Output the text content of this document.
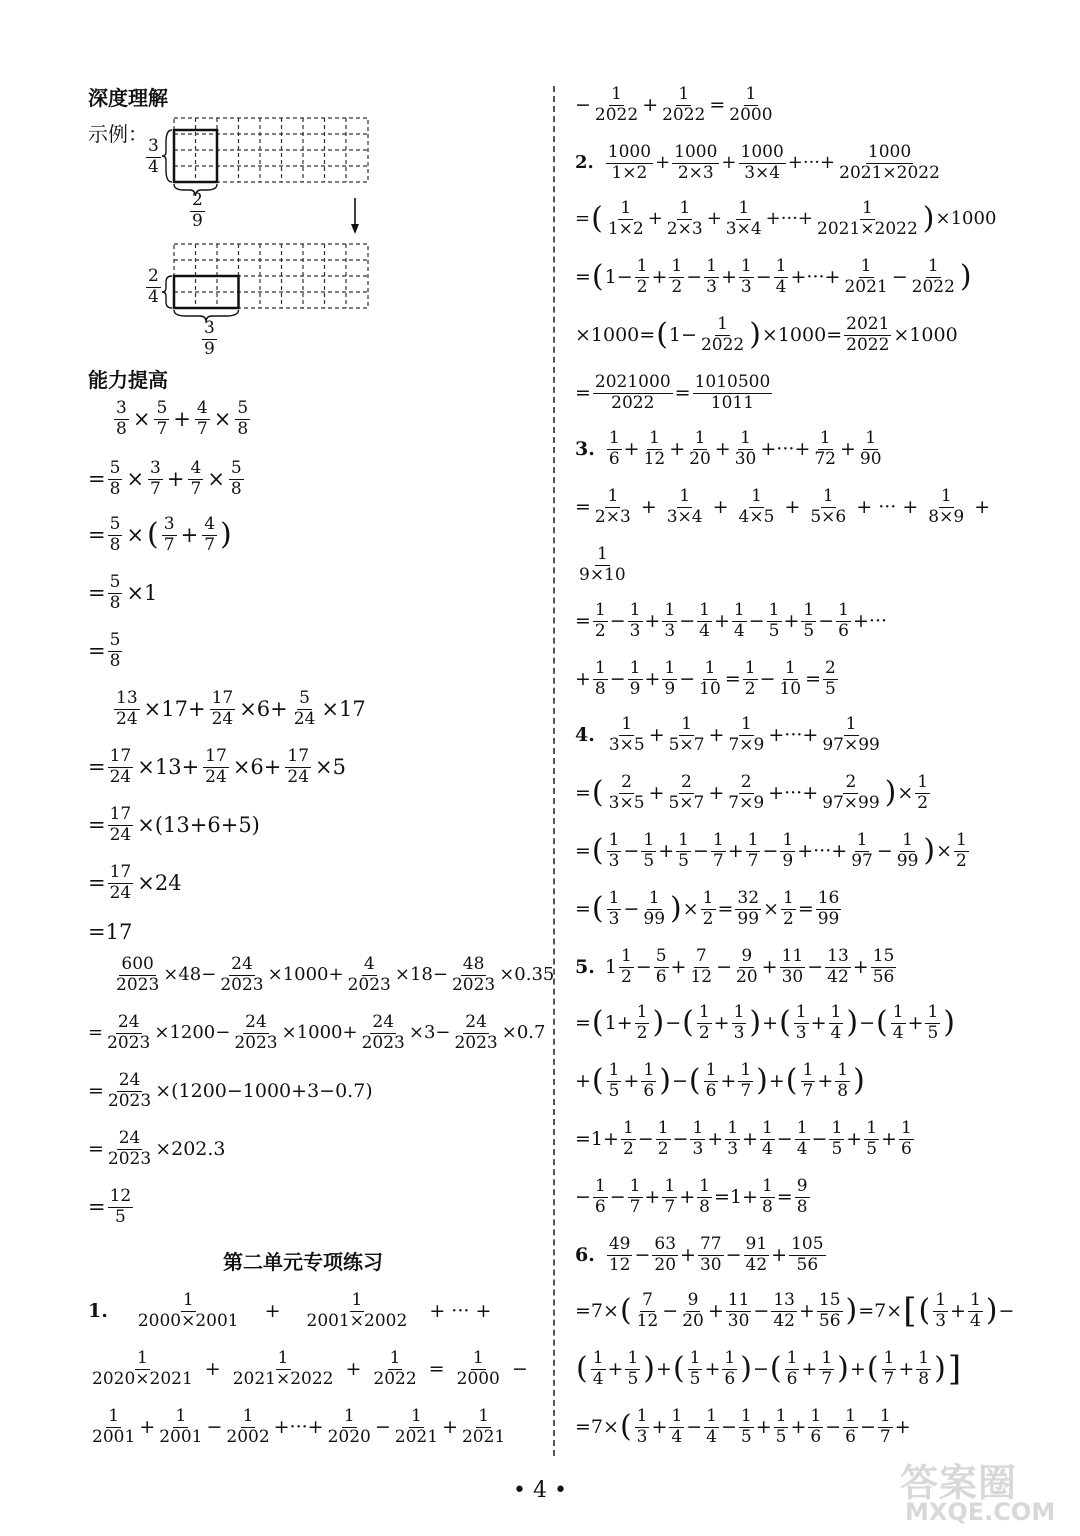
深度理解
示例： 3
4
2
9
2
4
3
9
能力提高
$\frac{3}{8} \times \frac{5}{7} + \frac{4}{7} \times \frac{5}{8}$
= $\frac{5}{8} \times \frac{3}{7} + \frac{4}{7} \times \frac{5}{8}$
= $\frac{5}{8}$ × ( 3
$7 + \frac{4}{7}$ )
= $\frac{5}{8} \times 1$
= 5
8
$\frac{13}{24} \times 17+ \frac{17}{24} \times 6+ \frac{5}{24} \times 17$
= $\frac{17}{24} \times 13+ \frac{17}{24} \times 6+ \frac{17}{24} \times 5$
= $\frac{17}{24} \times(13+6+5)$
= $\frac{17}{24} \times 24$
=17
600
2023 ×48−
24
2023 ×1000+
4
2023 ×18−
48
2023 ×0.35
=
24
2023 ×1200−
24
2023 ×1000+
24
2023 ×3−
24
2023 ×0.7
= 24
2023 ×(1200−1000+3−0.7)
= 24
2023 ×202.3
= 12
5
第二单元专项练习
1.	1
$2000\times 2001 + \frac{1}{2001\times 2002}$ + ··· +
1
$2020\times 2021 + \frac{1}{2021\times 2022} + \frac{1}{2022} = \frac{1}{2000}$ −
1
2001 + 1
2001 − 1
2002 +···+ 1
2020 − 1
2021 + 1
2021
− 1
2022 + 1
2022 = 1
2000
2.
1000
1×2 +
1000
2×3 +
1000
3×4 +···+
1000
2021×2022
= ( 1
1×2 +
1
2×3 +
1
3×4 +···+
1
2021×2022 ) ×1000
= ( 1− 1
2 + 1
2 − 1
3 + 1
3 − 1
4 +···+ 1
2021 − 1
2022 )
×1000= ( 1− 1
2022 ) ×1000= 2021
2022 ×1000
= 2021000
2022 = 1010500
1011
3. 1
6 + 1
12 + 1
20 + 1
30 +···+ 1
72 + 1
90
= 1
$2\times 3 + \frac{1}{3\times 4} + \frac{1}{4\times 5} + \frac{1}{5\times 6}$ + ··· + $\frac{1}{8\times 9}$ +
1
9×10
= 1
2 − 1
3 + 1
3 − 1
4 + 1
4 − 1
5 + 1
5 − 1
6 +···
+ 1
8 − 1
9 + 1
9 − 1
10 = 1
2 − 1
10 = 2
5
4. 1
3×5 + 1
5×7 + 1
7×9 +···+ 1
97×99
= ( 2
3×5 + 2
5×7 + 2
7×9 +···+ 2
97×99 ) × 1
2
= ( 1
3 − 1
5 + 1
5 − 1
7 + 1
7 − 1
9 +···+ 1
97 − 1
99 ) × 1
2
= ( 1
3 − 1
99 ) × 1
2 = 32
99 × 1
2 = 16
99
5. 1 1
2 − 5
6 + 7
12 − 9
20 + 11
30 − 13
42 + 15
56
= ( 1+ 1
2 ) − ( 1
2 + 1
3 ) + ( 1
3 + 1
4 ) − ( 1
4 + 1
5 )
+ ( 1
5 + 1
6 ) − ( 1
6 + 1
7 ) + ( 1
7 + 1
8 )
=1+ 1
2 − 1
2 − 1
3 + 1
3 + 1
4 − 1
4 − 1
5 + 1
5 + 1
6
− 1
6 − 1
7 + 1
7 + 1
8 =1+ 1
8 = 9
8
6. 49
12 − 63
20 + 77
30 − 91
42 + 105
56
=7× ( 7
12 − 9
20 + 11
30 − 13
42 + 15
56 ) =7× [ ( 1
3 + 1
4 ) −
( 1
4 + 1
5 ) + ( 1
5 + 1
6 ) − ( 1
6 + 1
7 ) + ( 1
7 + 1
8 ) ]
=7× ( 1
3 + 1
4 − 1
4 − 1
5 + 1
5 + 1
6 − 1
6 − 1
7 +
• 4 •	答案圈
MXQE.COM
